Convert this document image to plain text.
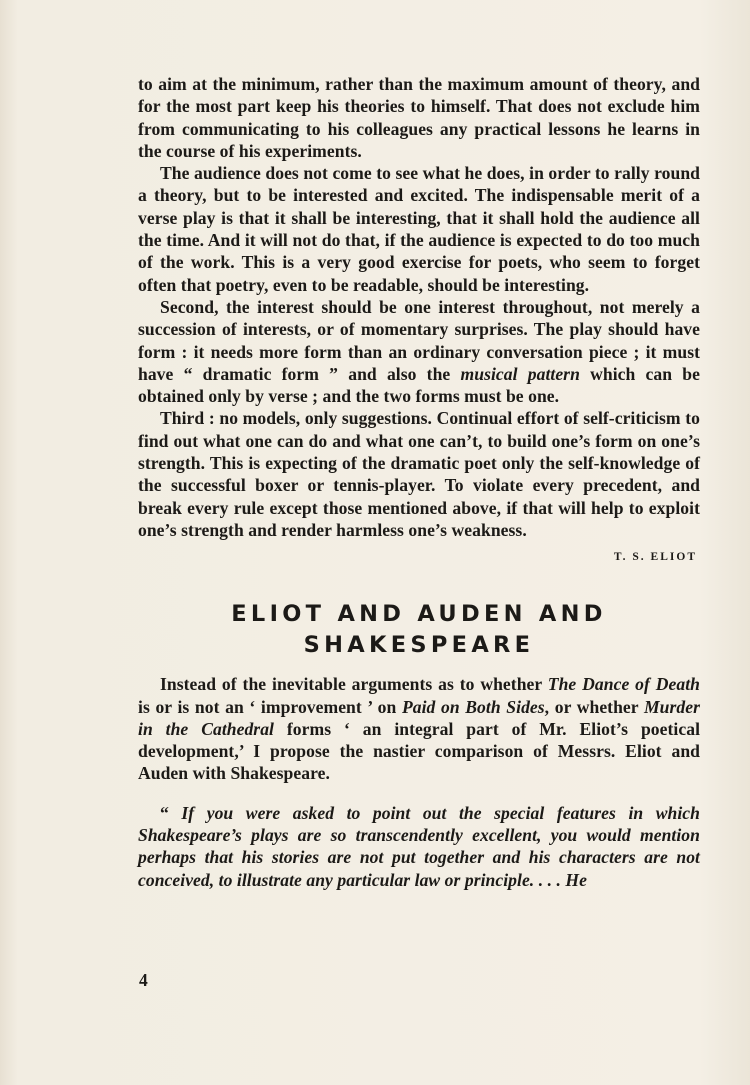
to aim at the minimum, rather than the maximum amount of theory, and for the most part keep his theories to himself. That does not exclude him from communicating to his colleagues any practical lessons he learns in the course of his experiments.

The audience does not come to see what he does, in order to rally round a theory, but to be interested and excited. The indispensable merit of a verse play is that it shall be interesting, that it shall hold the audience all the time. And it will not do that, if the audience is expected to do too much of the work. This is a very good exercise for poets, who seem to forget often that poetry, even to be readable, should be interesting.

Second, the interest should be one interest throughout, not merely a succession of interests, or of momentary surprises. The play should have form : it needs more form than an ordinary conversation piece ; it must have “ dramatic form ” and also the musical pattern which can be obtained only by verse ; and the two forms must be one.

Third : no models, only suggestions. Continual effort of self-criticism to find out what one can do and what one can’t, to build one’s form on one’s strength. This is expecting of the dramatic poet only the self-knowledge of the successful boxer or tennis-player. To violate every precedent, and break every rule except those mentioned above, if that will help to exploit one’s strength and render harmless one’s weakness.

T. S. ELIOT
ELIOT AND AUDEN AND
SHAKESPEARE

Instead of the inevitable arguments as to whether The Dance of Death is or is not an ‘ improvement ’ on Paid on Both Sides, or whether Murder in the Cathedral forms ‘ an integral part of Mr. Eliot’s poetical development,’ I propose the nastier comparison of Messrs. Eliot and Auden with Shakespeare.

“ If you were asked to point out the special features in which Shakespeare’s plays are so transcendently excellent, you would mention perhaps that his stories are not put together and his characters are not conceived, to illustrate any particular law or principle. . . . He

4
